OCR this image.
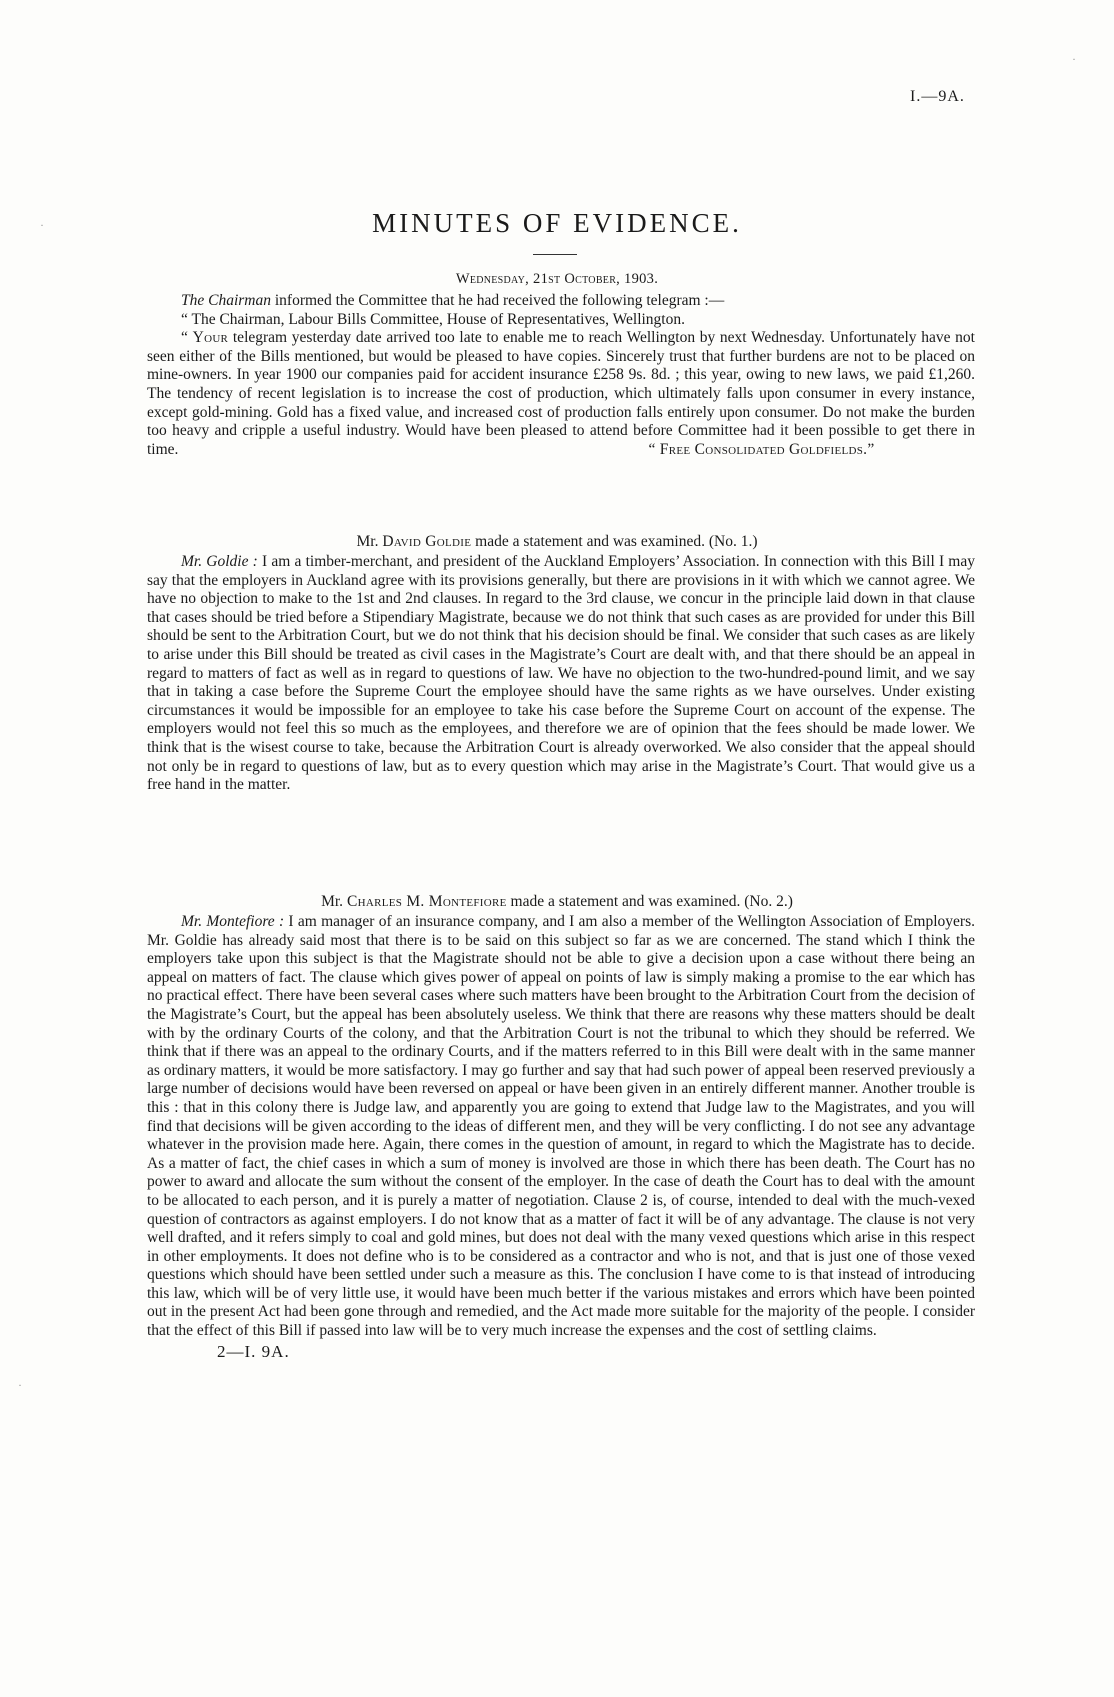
I.—9A.
MINUTES OF EVIDENCE.
Wednesday, 21st October, 1903.

The Chairman informed the Committee that he had received the following telegram :—

“ The Chairman, Labour Bills Committee, House of Representatives, Wellington.

“ Your telegram yesterday date arrived too late to enable me to reach Wellington by next Wednesday. Unfortunately have not seen either of the Bills mentioned, but would be pleased to have copies. Sincerely trust that further burdens are not to be placed on mine-owners. In year 1900 our companies paid for accident insurance £258 9s. 8d. ; this year, owing to new laws, we paid £1,260. The tendency of recent legislation is to increase the cost of production, which ultimately falls upon consumer in every instance, except gold-mining. Gold has a fixed value, and increased cost of production falls entirely upon consumer. Do not make the burden too heavy and cripple a useful industry. Would have been pleased to attend before Committee had it been possible to get there in time.	“ Free Consolidated Goldfields.”

Mr. David Goldie made a statement and was examined. (No. 1.)

Mr. Goldie : I am a timber-merchant, and president of the Auckland Employers’ Association. In connection with this Bill I may say that the employers in Auckland agree with its provisions generally, but there are provisions in it with which we cannot agree. We have no objection to make to the 1st and 2nd clauses. In regard to the 3rd clause, we concur in the principle laid down in that clause that cases should be tried before a Stipendiary Magistrate, because we do not think that such cases as are provided for under this Bill should be sent to the Arbitration Court, but we do not think that his decision should be final. We consider that such cases as are likely to arise under this Bill should be treated as civil cases in the Magistrate’s Court are dealt with, and that there should be an appeal in regard to matters of fact as well as in regard to questions of law. We have no objection to the two-hundred-pound limit, and we say that in taking a case before the Supreme Court the employee should have the same rights as we have ourselves. Under existing circumstances it would be impossible for an employee to take his case before the Supreme Court on account of the expense. The employers would not feel this so much as the employees, and therefore we are of opinion that the fees should be made lower. We think that is the wisest course to take, because the Arbitration Court is already overworked. We also consider that the appeal should not only be in regard to questions of law, but as to every question which may arise in the Magistrate’s Court. That would give us a free hand in the matter.

Mr. Charles M. Montefiore made a statement and was examined. (No. 2.)

Mr. Montefiore : I am manager of an insurance company, and I am also a member of the Wellington Association of Employers. Mr. Goldie has already said most that there is to be said on this subject so far as we are concerned. The stand which I think the employers take upon this subject is that the Magistrate should not be able to give a decision upon a case without there being an appeal on matters of fact. The clause which gives power of appeal on points of law is simply making a promise to the ear which has no practical effect. There have been several cases where such matters have been brought to the Arbitration Court from the decision of the Magistrate’s Court, but the appeal has been absolutely useless. We think that there are reasons why these matters should be dealt with by the ordinary Courts of the colony, and that the Arbitration Court is not the tribunal to which they should be referred. We think that if there was an appeal to the ordinary Courts, and if the matters referred to in this Bill were dealt with in the same manner as ordinary matters, it would be more satisfactory. I may go further and say that had such power of appeal been reserved previously a large number of decisions would have been reversed on appeal or have been given in an entirely different manner. Another trouble is this : that in this colony there is Judge law, and apparently you are going to extend that Judge law to the Magistrates, and you will find that decisions will be given according to the ideas of different men, and they will be very conflicting. I do not see any advantage whatever in the provision made here. Again, there comes in the question of amount, in regard to which the Magistrate has to decide. As a matter of fact, the chief cases in which a sum of money is involved are those in which there has been death. The Court has no power to award and allocate the sum without the consent of the employer. In the case of death the Court has to deal with the amount to be allocated to each person, and it is purely a matter of negotiation. Clause 2 is, of course, intended to deal with the much-vexed question of contractors as against employers. I do not know that as a matter of fact it will be of any advantage. The clause is not very well drafted, and it refers simply to coal and gold mines, but does not deal with the many vexed questions which arise in this respect in other employments. It does not define who is to be considered as a contractor and who is not, and that is just one of those vexed questions which should have been settled under such a measure as this. The conclusion I have come to is that instead of introducing this law, which will be of very little use, it would have been much better if the various mistakes and errors which have been pointed out in the present Act had been gone through and remedied, and the Act made more suitable for the majority of the people. I consider that the effect of this Bill if passed into law will be to very much increase the expenses and the cost of settling claims.

2—I. 9A.

·
·
·
